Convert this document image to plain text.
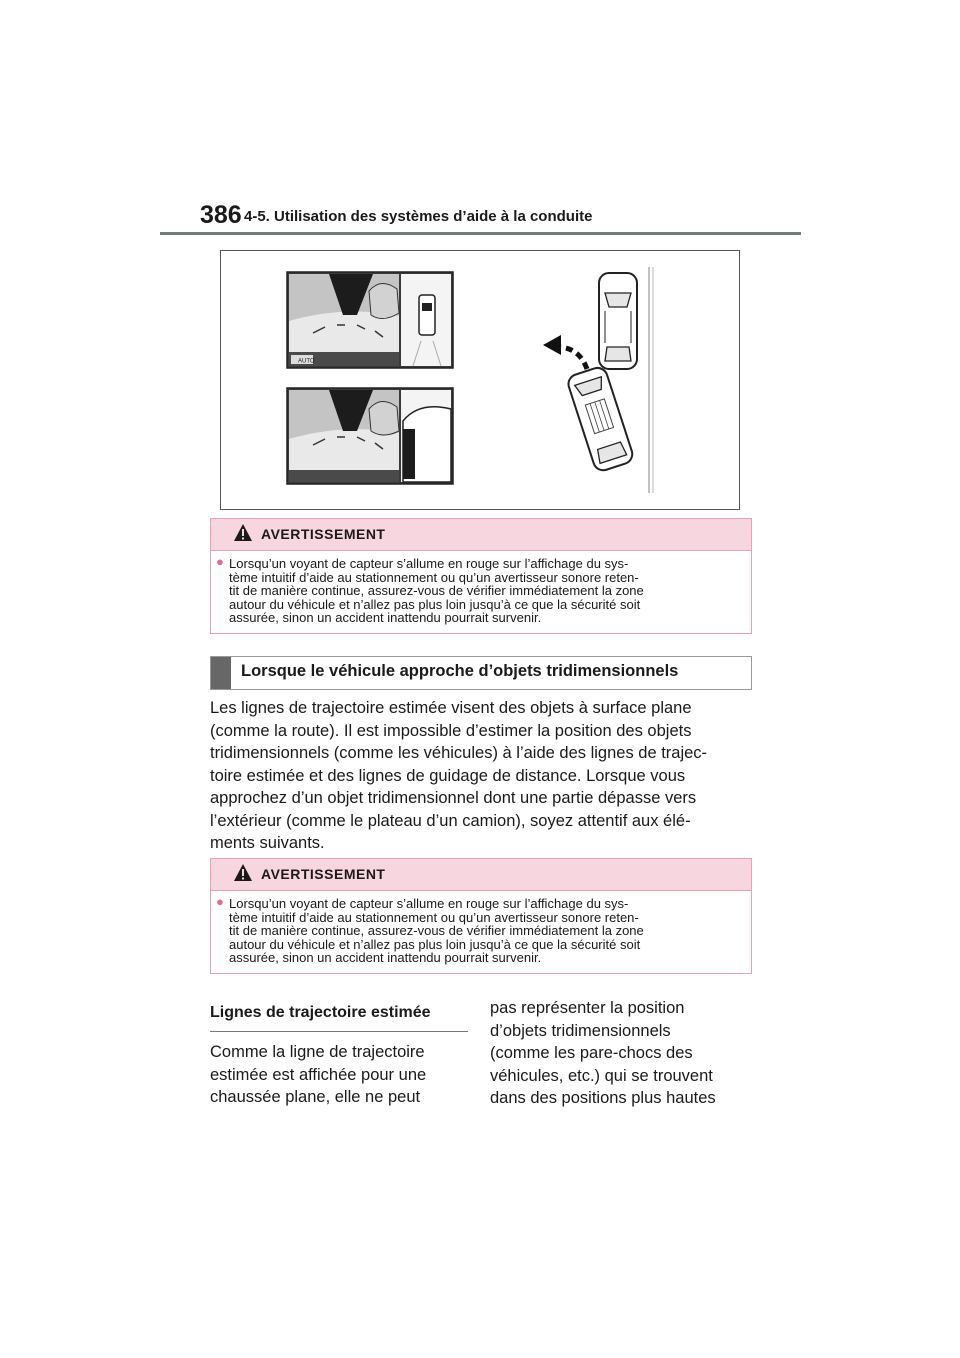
386 4-5. Utilisation des systèmes d’aide à la conduite
AUTO
AVERTISSEMENT
● Lorsqu’un voyant de capteur s’allume en rouge sur l’affichage du sys-
tème intuitif d’aide au stationnement ou qu’un avertisseur sonore reten-
tit de manière continue, assurez-vous de vérifier immédiatement la zone
autour du véhicule et n’allez pas plus loin jusqu’à ce que la sécurité soit
assurée, sinon un accident inattendu pourrait survenir.
Lorsque le véhicule approche d’objets tridimensionnels
Les lignes de trajectoire estimée visent des objets à surface plane
(comme la route). Il est impossible d’estimer la position des objets
tridimensionnels (comme les véhicules) à l’aide des lignes de trajec-
toire estimée et des lignes de guidage de distance. Lorsque vous
approchez d’un objet tridimensionnel dont une partie dépasse vers
l’extérieur (comme le plateau d’un camion), soyez attentif aux élé-
ments suivants.
AVERTISSEMENT
● Lorsqu’un voyant de capteur s’allume en rouge sur l’affichage du sys-
tème intuitif d’aide au stationnement ou qu’un avertisseur sonore reten-
tit de manière continue, assurez-vous de vérifier immédiatement la zone
autour du véhicule et n’allez pas plus loin jusqu’à ce que la sécurité soit
assurée, sinon un accident inattendu pourrait survenir.
Lignes de trajectoire estimée
Comme la ligne de trajectoire
estimée est affichée pour une
chaussée plane, elle ne peut
pas représenter la position
d’objets tridimensionnels
(comme les pare-chocs des
véhicules, etc.) qui se trouvent
dans des positions plus hautes
